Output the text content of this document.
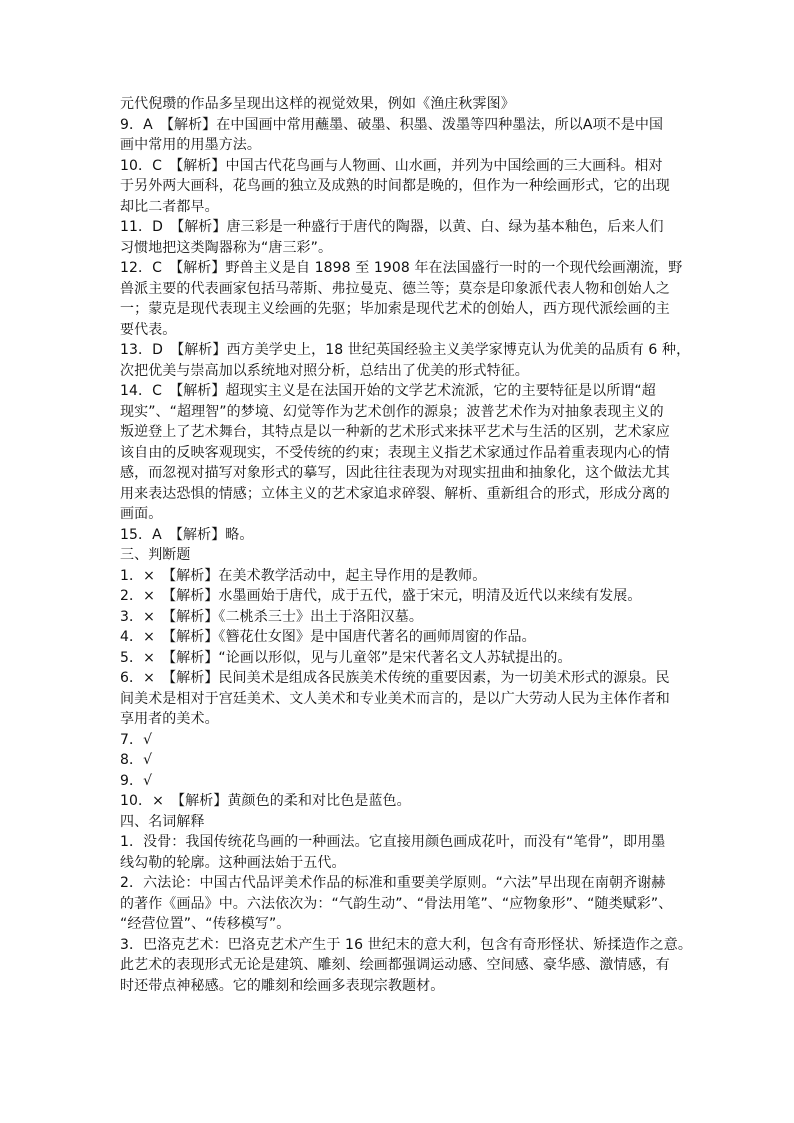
元代倪瓒的作品多呈现出这样的视觉效果，例如《渔庄秋霁图》
9．A　【解析】在中国画中常用蘸墨、破墨、积墨、泼墨等四种墨法，所以A项不是中国
画中常用的用墨方法。
10．C　【解析】中国古代花鸟画与人物画、山水画，并列为中国绘画的三大画科。相对
于另外两大画科，花鸟画的独立及成熟的时间都是晚的，但作为一种绘画形式，它的出现
却比二者都早。
11．D　【解析】唐三彩是一种盛行于唐代的陶器，以黄、白、绿为基本釉色，后来人们
习惯地把这类陶器称为“唐三彩”。
12．C　【解析】野兽主义是自 1898 至 1908 年在法国盛行一时的一个现代绘画潮流，野
兽派主要的代表画家包括马蒂斯、弗拉曼克、德兰等；莫奈是印象派代表人物和创始人之
一；蒙克是现代表现主义绘画的先驱；毕加索是现代艺术的创始人，西方现代派绘画的主
要代表。
13．D　【解析】西方美学史上，18 世纪英国经验主义美学家博克认为优美的品质有 6 种，
次把优美与崇高加以系统地对照分析，总结出了优美的形式特征。
14．C　【解析】超现实主义是在法国开始的文学艺术流派，它的主要特征是以所谓“超
现实”、“超理智”的梦境、幻觉等作为艺术创作的源泉；波普艺术作为对抽象表现主义的
叛逆登上了艺术舞台，其特点是以一种新的艺术形式来抹平艺术与生活的区别，艺术家应
该自由的反映客观现实，不受传统的约束；表现主义指艺术家通过作品着重表现内心的情
感，而忽视对描写对象形式的摹写，因此往往表现为对现实扭曲和抽象化，这个做法尤其
用来表达恐惧的情感；立体主义的艺术家追求碎裂、解析、重新组合的形式，形成分离的
画面。
15．A　【解析】略。
三、判断题
1．×　【解析】在美术教学活动中，起主导作用的是教师。
2．×　【解析】水墨画始于唐代，成于五代，盛于宋元，明清及近代以来续有发展。
3．×　【解析】《二桃杀三士》出土于洛阳汉墓。
4．×　【解析】《簪花仕女图》是中国唐代著名的画师周窗的作品。
5．×　【解析】“论画以形似，见与儿童邻”是宋代著名文人苏轼提出的。
6．×　【解析】民间美术是组成各民族美术传统的重要因素，为一切美术形式的源泉。民
间美术是相对于宫廷美术、文人美术和专业美术而言的，是以广大劳动人民为主体作者和
享用者的美术。
7．√
8．√
9．√
10．×　【解析】黄颜色的柔和对比色是蓝色。
四、名词解释
1．没骨：我国传统花鸟画的一种画法。它直接用颜色画成花叶，而没有“笔骨”，即用墨
线勾勒的轮廓。这种画法始于五代。
2．六法论：中国古代品评美术作品的标准和重要美学原则。“六法”早出现在南朝齐谢赫
的著作《画品》中。六法依次为：“气韵生动”、“骨法用笔”、“应物象形”、“随类赋彩”、
“经营位置”、“传移模写”。
3．巴洛克艺术：巴洛克艺术产生于 16 世纪末的意大利，包含有奇形怪状、矫揉造作之意。
此艺术的表现形式无论是建筑、雕刻、绘画都强调运动感、空间感、豪华感、激情感，有
时还带点神秘感。它的雕刻和绘画多表现宗教题材。
